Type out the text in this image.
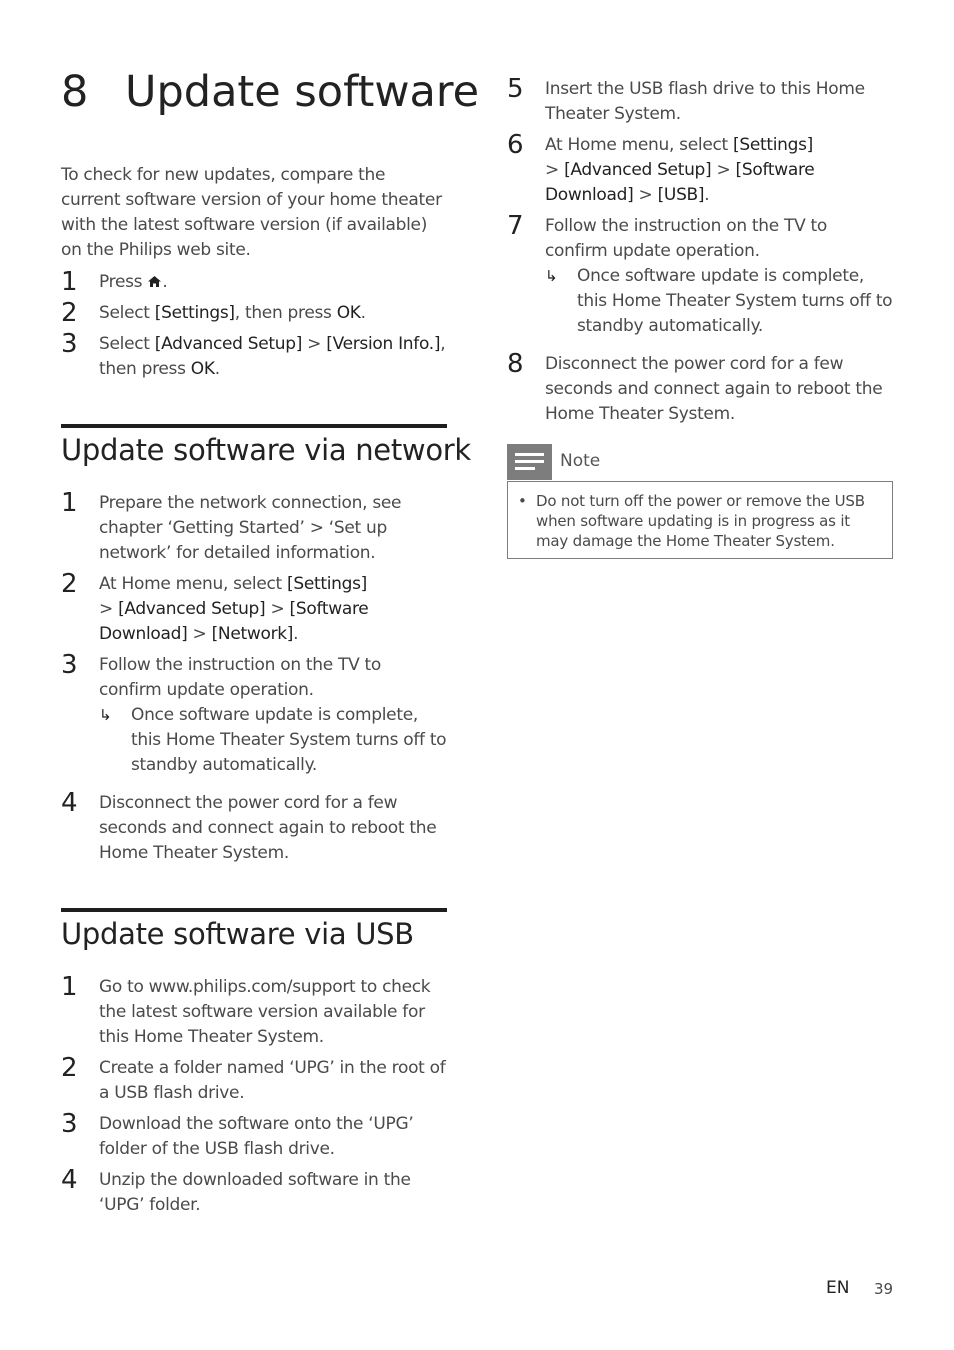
8 Update software

To check for new updates, compare the current software version of your home theater with the latest software version (if available) on the Philips web site.

1 Press .
2 Select [Settings], then press OK.
3 Select [Advanced Setup] > [Version Info.], then press OK.
Update software via network
1 Prepare the network connection, see chapter ‘Getting Started’ > ‘Set up network’ for detailed information.
2 At Home menu, select [Settings]
> [Advanced Setup] > [Software Download] > [Network].
3 Follow the instruction on the TV to confirm update operation.
↳ Once software update is complete, this Home Theater System turns off to standby automatically.
4 Disconnect the power cord for a few seconds and connect again to reboot the Home Theater System.
Update software via USB
1 Go to www.philips.com/support to check the latest software version available for this Home Theater System.
2 Create a folder named ‘UPG’ in the root of a USB flash drive.
3 Download the software onto the ‘UPG’ folder of the USB flash drive.
4 Unzip the downloaded software in the ‘UPG’ folder.
5 Insert the USB flash drive to this Home Theater System.
6 At Home menu, select [Settings]
> [Advanced Setup] > [Software Download] > [USB].
7 Follow the instruction on the TV to confirm update operation.
↳ Once software update is complete, this Home Theater System turns off to standby automatically.
8 Disconnect the power cord for a few seconds and connect again to reboot the Home Theater System.
Note
• Do not turn off the power or remove the USB when software updating is in progress as it may damage the Home Theater System.

EN 39
